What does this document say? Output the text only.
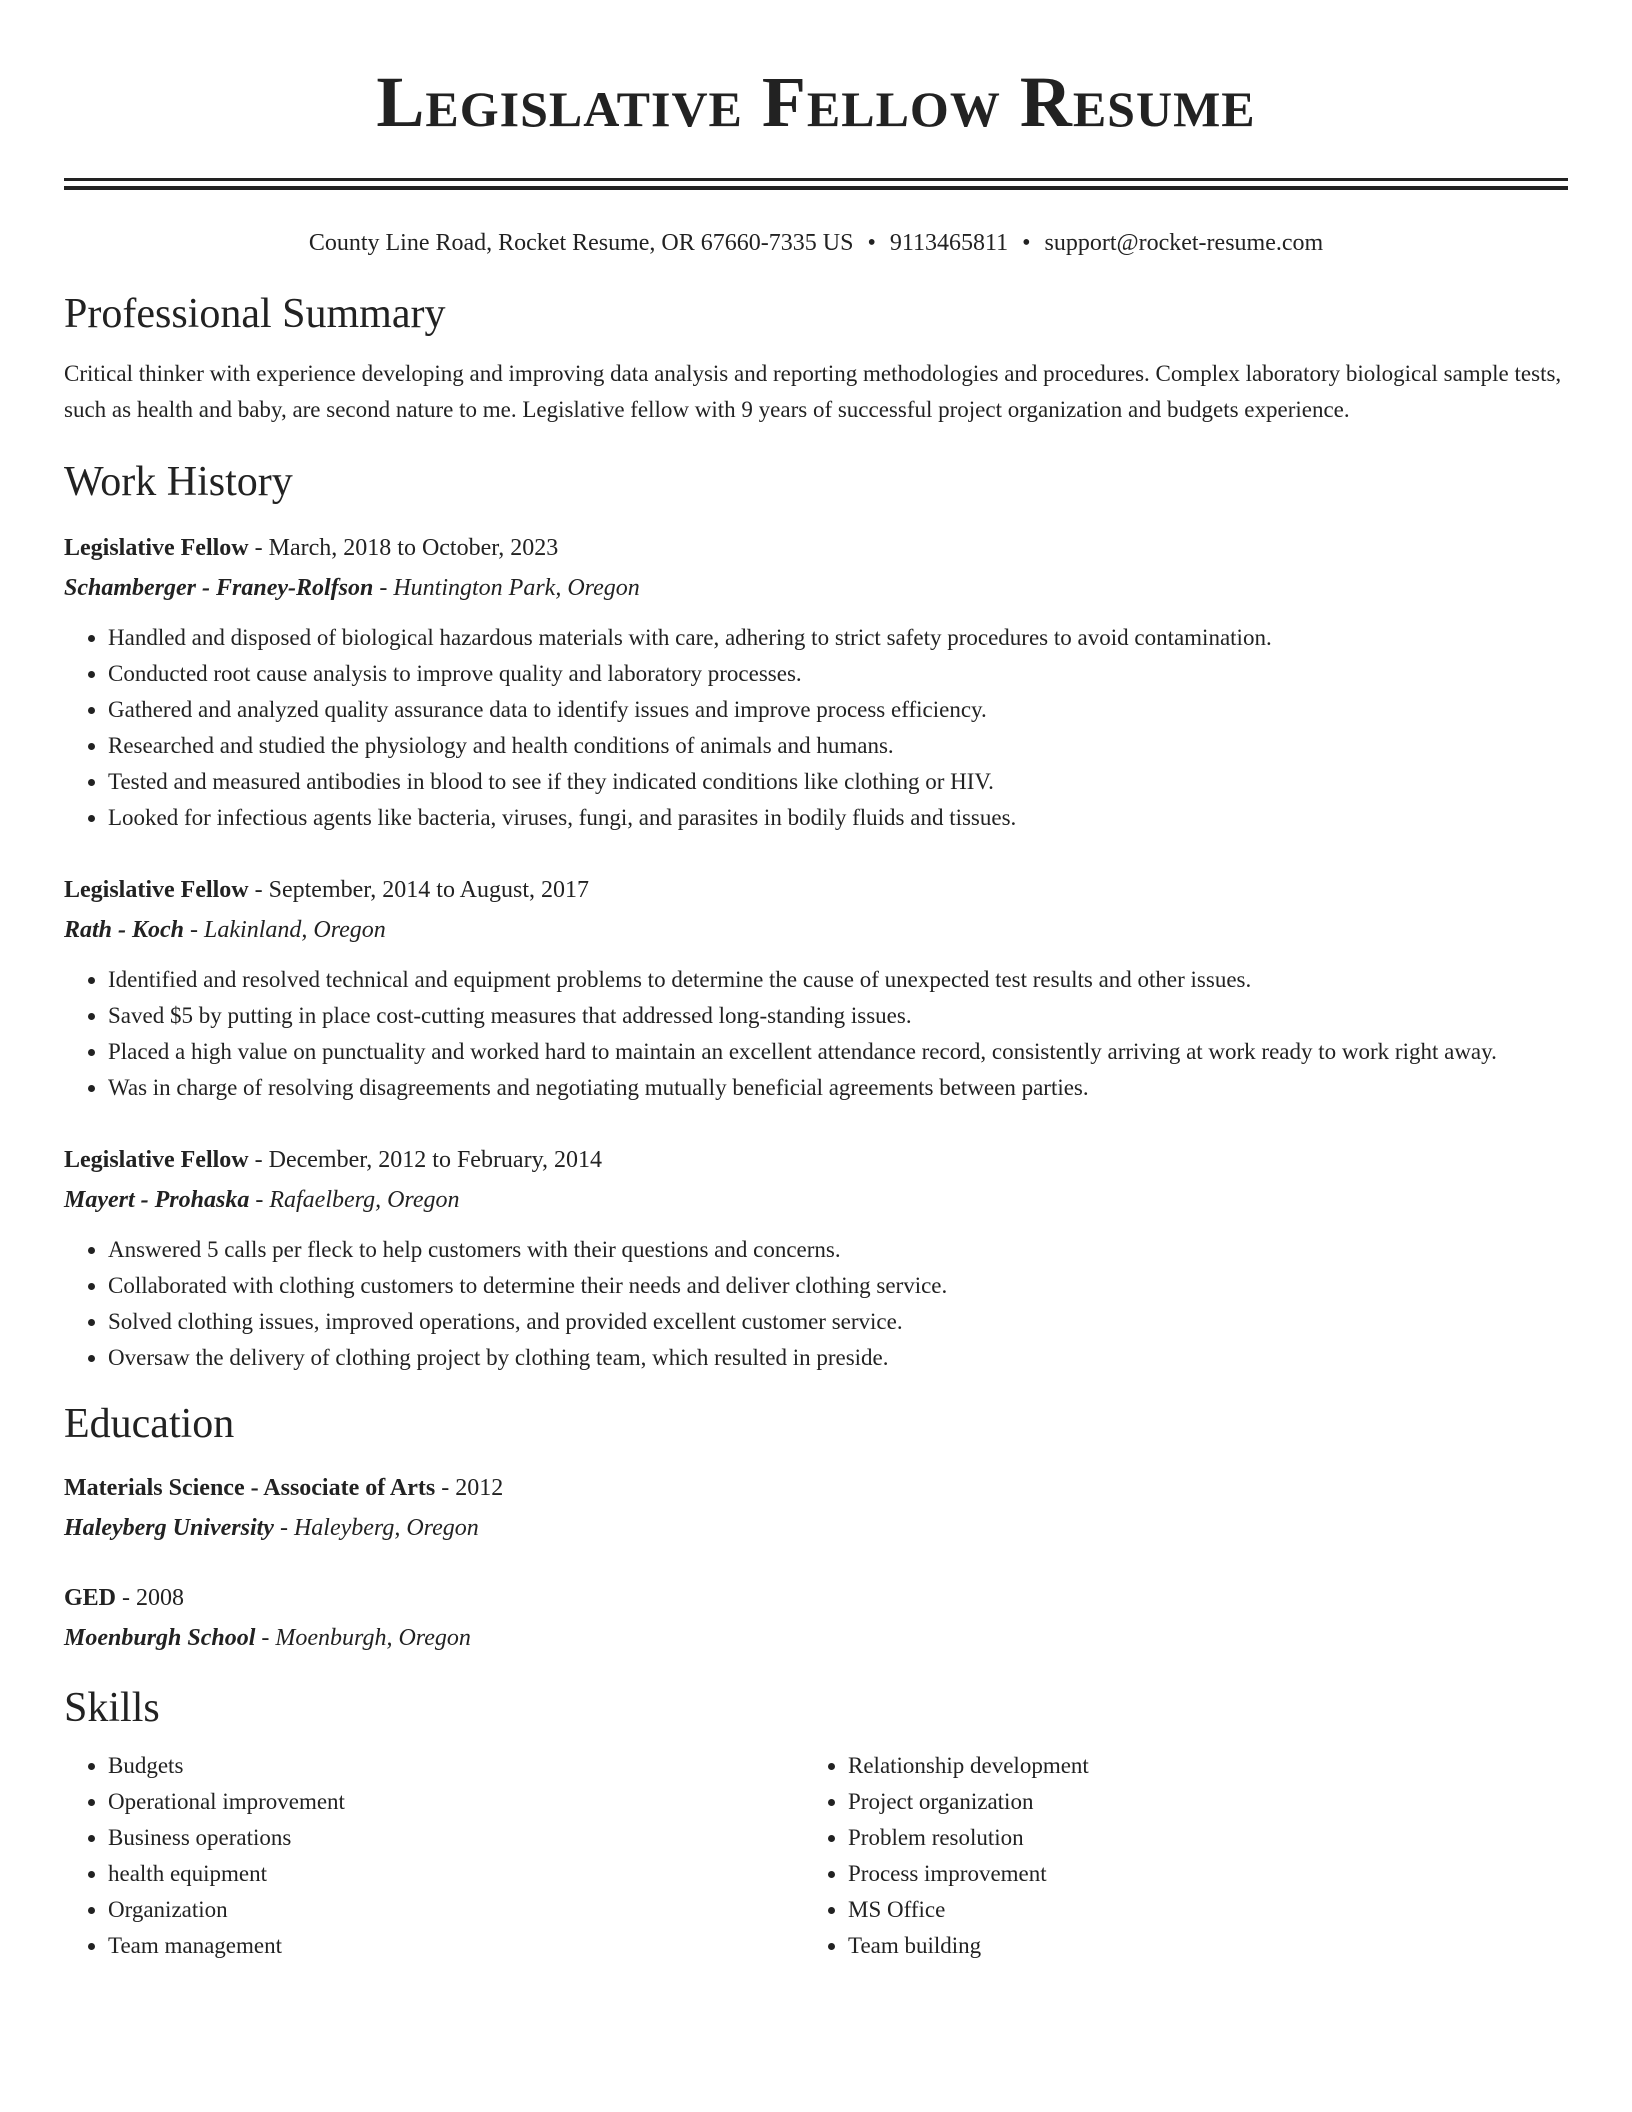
Legislative Fellow Resume
County Line Road, Rocket Resume, OR 67660-7335 US • 9113465811 • support@rocket-resume.com
Professional Summary
Critical thinker with experience developing and improving data analysis and reporting methodologies and procedures. Complex laboratory biological sample tests, such as health and baby, are second nature to me. Legislative fellow with 9 years of successful project organization and budgets experience.
Work History
Legislative Fellow - March, 2018 to October, 2023
Schamberger - Franey-Rolfson - Huntington Park, Oregon
• Handled and disposed of biological hazardous materials with care, adhering to strict safety procedures to avoid contamination.
• Conducted root cause analysis to improve quality and laboratory processes.
• Gathered and analyzed quality assurance data to identify issues and improve process efficiency.
• Researched and studied the physiology and health conditions of animals and humans.
• Tested and measured antibodies in blood to see if they indicated conditions like clothing or HIV.
• Looked for infectious agents like bacteria, viruses, fungi, and parasites in bodily fluids and tissues.
Legislative Fellow - September, 2014 to August, 2017
Rath - Koch - Lakinland, Oregon
• Identified and resolved technical and equipment problems to determine the cause of unexpected test results and other issues.
• Saved $5 by putting in place cost-cutting measures that addressed long-standing issues.
• Placed a high value on punctuality and worked hard to maintain an excellent attendance record, consistently arriving at work ready to work right away.
• Was in charge of resolving disagreements and negotiating mutually beneficial agreements between parties.
Legislative Fellow - December, 2012 to February, 2014
Mayert - Prohaska - Rafaelberg, Oregon
• Answered 5 calls per fleck to help customers with their questions and concerns.
• Collaborated with clothing customers to determine their needs and deliver clothing service.
• Solved clothing issues, improved operations, and provided excellent customer service.
• Oversaw the delivery of clothing project by clothing team, which resulted in preside.
Education
Materials Science - Associate of Arts - 2012
Haleyberg University - Haleyberg, Oregon
GED - 2008
Moenburgh School - Moenburgh, Oregon
Skills
• Budgets
• Operational improvement
• Business operations
• health equipment
• Organization
• Team management
• Relationship development
• Project organization
• Problem resolution
• Process improvement
• MS Office
• Team building
